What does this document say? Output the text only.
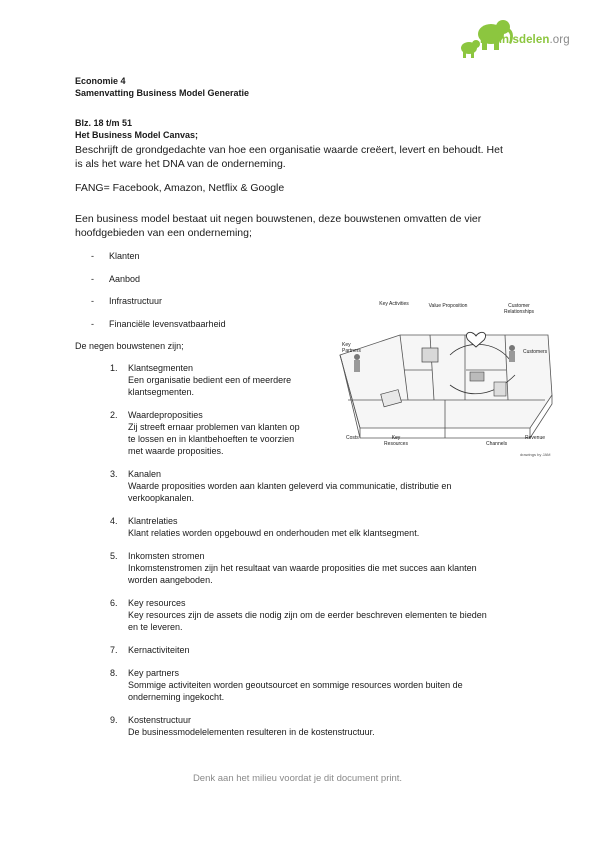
Kennisdelen.org
Economie 4
Samenvatting Business Model Generatie
Blz. 18 t/m 51
Het Business Model Canvas;
Beschrijft de grondgedachte van hoe een organisatie waarde creëert, levert en behoudt. Het
is als het ware het DNA van de onderneming.
FANG= Facebook, Amazon, Netflix & Google
Een business model bestaat uit negen bouwstenen, deze bouwstenen omvatten de vier
hoofdgebieden van een onderneming;
- Klanten
- Aanbod
- Infrastructuur
- Financiële levensvatbaarheid
De negen bouwstenen zijn;
Key Activities	Value Proposition	Customer Relationships
Key Partners	Customers
Costs	Key Resources	Channels
Revenue
drawings by JAM
1. Klantsegmenten
Een organisatie bedient een of meerdere
klantsegmenten.
2. Waardeproposities
Zij streeft ernaar problemen van klanten op
te lossen en in klantbehoeften te voorzien
met waarde proposities.
3. Kanalen
Waarde proposities worden aan klanten geleverd via communicatie, distributie en
verkoopkanalen.
4. Klantrelaties
Klant relaties worden opgebouwd en onderhouden met elk klantsegment.
5. Inkomsten stromen
Inkomstenstromen zijn het resultaat van waarde proposities die met succes aan klanten
worden aangeboden.
6. Key resources
Key resources zijn de assets die nodig zijn om de eerder beschreven elementen te bieden
en te leveren.
7. Kernactiviteiten
8. Key partners
Sommige activiteiten worden geoutsourcet en sommige resources worden buiten de
onderneming ingekocht.
9. Kostenstructuur
De businessmodelelementen resulteren in de kostenstructuur.
Denk aan het milieu voordat je dit document print.
